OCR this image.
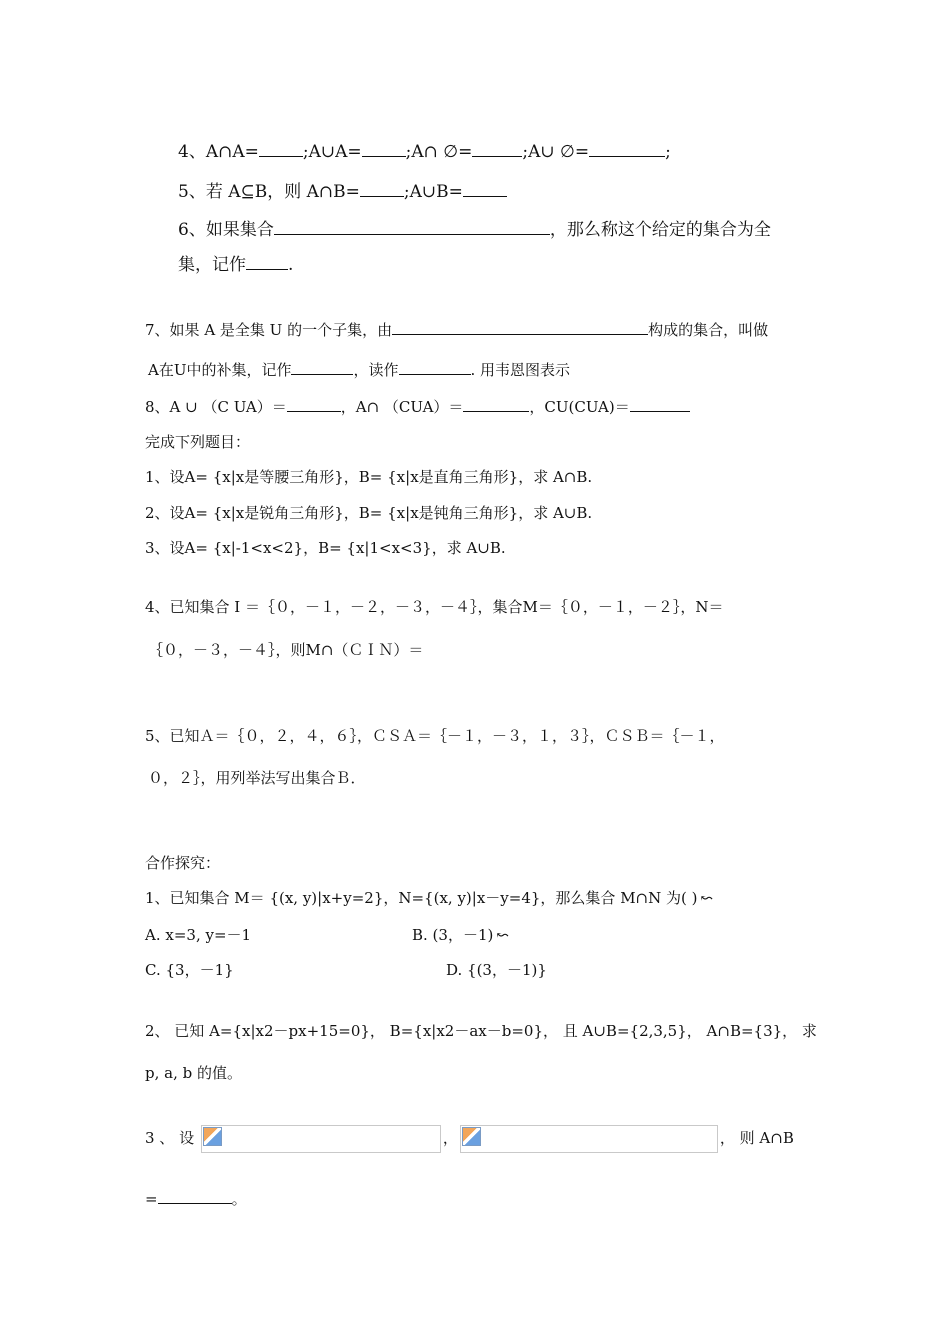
4、A∩A=	;A∪A=	;A∩ ∅=	;A∪ ∅=	;
5、若 A⊆B，则 A∩B=	;A∪B=
6、如果集合	，那么称这个给定的集合为全
集，记作 .
7、如果 A 是全集 U 的一个子集，由	构成的集合，叫做
A在U中的补集，记作	，读作	. 用韦恩图表示
8、A ∪ （C UA）＝	，A∩ （CUA）＝	，CU(CUA)＝
完成下列题目：
1、设A= {x|x是等腰三角形}，B= {x|x是直角三角形}，求 A∩B.
2、设A= {x|x是锐角三角形}，B= {x|x是钝角三角形}，求 A∪B.
3、设A= {x|-1<x<2}，B= {x|1<x<3}，求 A∪B.
4、已知集合 I ＝｛０，－１，－２，－３，－４｝，集合M＝｛０，－１，－２｝，N＝
｛０，－３，－４｝，则M∩（ＣＩＮ）＝
5、已知Ａ＝｛０，２，４，６｝，ＣＳＡ＝｛－１，－３，１，３｝，ＣＳＢ＝｛－１，
０，２｝，用列举法写出集合Ｂ．
合作探究：
1、已知集合 M＝ {(x, y)|x+y=2}，N={(x, y)|x－y=4}，那么集合 M∩N 为( ) ↜
A. x=3, y=－1	B. (3，－1) ↜
C. {3，－1}	D. {(3，－1)}
2、 已知 A={x|x2－px+15=0}， B={x|x2－ax－b=0}， 且 A∪B={2,3,5}， A∩B={3}， 求
p, a, b 的值。
3 、 设	，	， 则 A∩B
=	。
